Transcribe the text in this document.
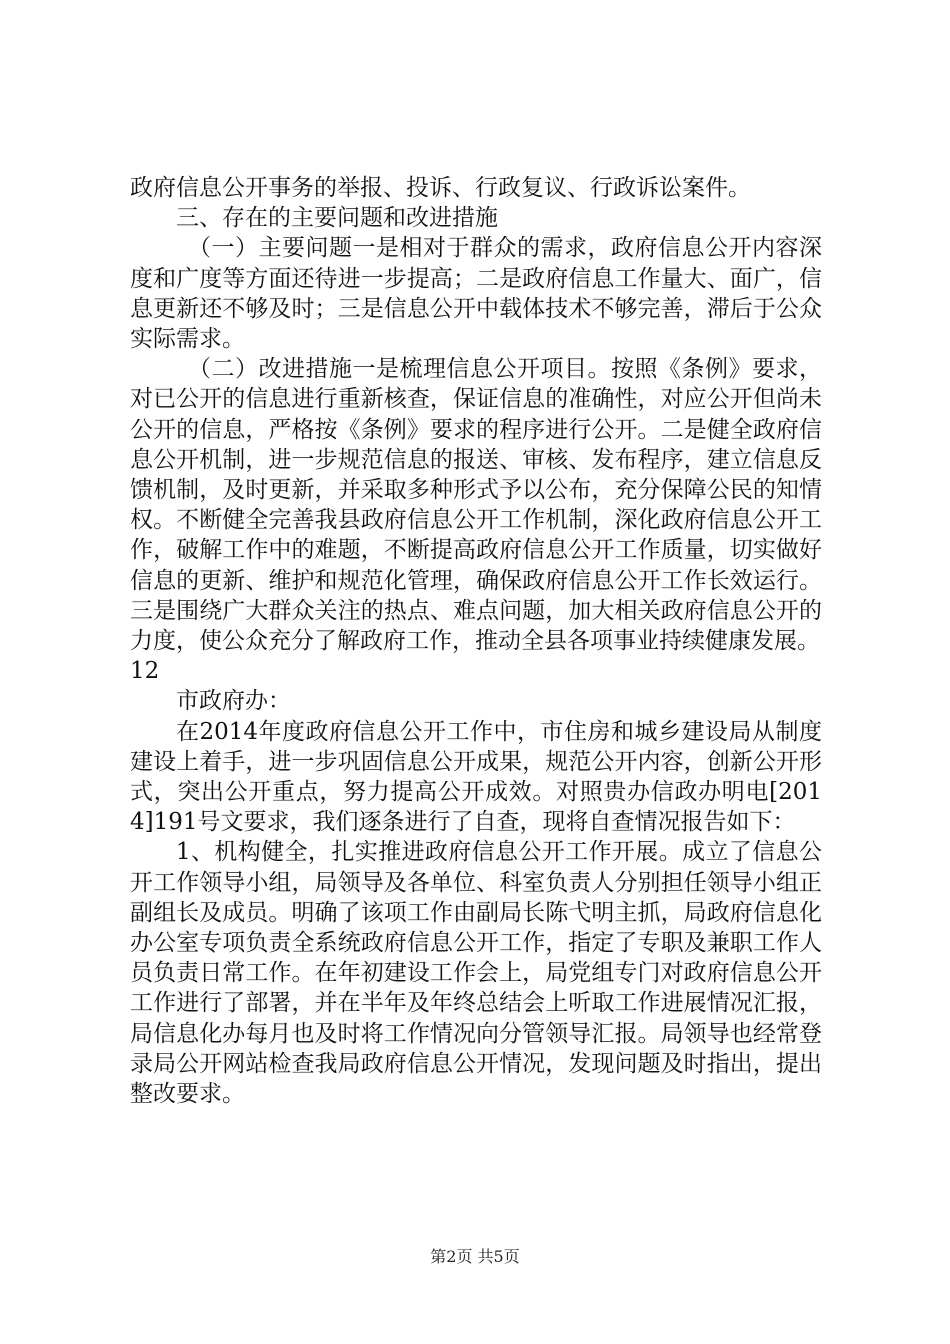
政府信息公开事务的举报、投诉、行政复议、行政诉讼案件。

三、存在的主要问题和改进措施

（一）主要问题一是相对于群众的需求，政府信息公开内容深度和广度等方面还待进一步提高；二是政府信息工作量大、面广，信息更新还不够及时；三是信息公开中载体技术不够完善，滞后于公众实际需求。

（二）改进措施一是梳理信息公开项目。按照《条例》要求，对已公开的信息进行重新核查，保证信息的准确性，对应公开但尚未公开的信息，严格按《条例》要求的程序进行公开。二是健全政府信息公开机制，进一步规范信息的报送、审核、发布程序，建立信息反馈机制，及时更新，并采取多种形式予以公布，充分保障公民的知情权。不断健全完善我县政府信息公开工作机制，深化政府信息公开工作，破解工作中的难题，不断提高政府信息公开工作质量，切实做好信息的更新、维护和规范化管理，确保政府信息公开工作长效运行。三是围绕广大群众关注的热点、难点问题，加大相关政府信息公开的力度，使公众充分了解政府工作，推动全县各项事业持续健康发展。

12

市政府办：

在2014年度政府信息公开工作中，市住房和城乡建设局从制度建设上着手，进一步巩固信息公开成果，规范公开内容，创新公开形式，突出公开重点，努力提高公开成效。对照贵办信政办明电[2014]191号文要求，我们逐条进行了自查，现将自查情况报告如下：

1、机构健全，扎实推进政府信息公开工作开展。成立了信息公开工作领导小组，局领导及各单位、科室负责人分别担任领导小组正副组长及成员。明确了该项工作由副局长陈弋明主抓，局政府信息化办公室专项负责全系统政府信息公开工作，指定了专职及兼职工作人员负责日常工作。在年初建设工作会上，局党组专门对政府信息公开工作进行了部署，并在半年及年终总结会上听取工作进展情况汇报，局信息化办每月也及时将工作情况向分管领导汇报。局领导也经常登录局公开网站检查我局政府信息公开情况，发现问题及时指出，提出整改要求。

第2页 共5页
